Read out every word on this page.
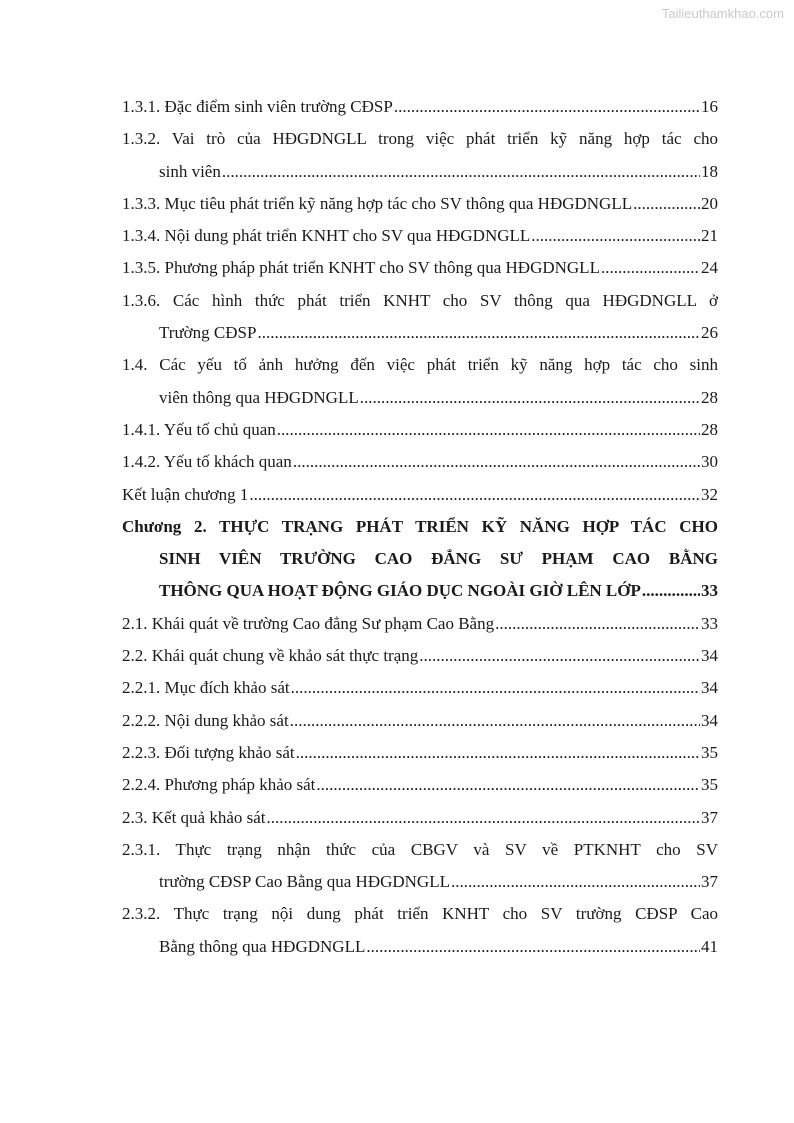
Tailieuthamkhao.com
1.3.1. Đặc điểm sinh viên trường CĐSP .....	16
1.3.2. Vai trò của HĐGDNGLL trong việc phát triển kỹ năng hợp tác cho
sinh viên .....	18
1.3.3. Mục tiêu phát triển kỹ năng hợp tác cho SV thông qua HĐGDNGLL .....	20
1.3.4. Nội dung phát triển KNHT cho SV qua HĐGDNGLL .....	21
1.3.5. Phương pháp phát triển KNHT cho SV thông qua HĐGDNGLL .....	24
1.3.6. Các hình thức phát triển KNHT cho SV thông qua HĐGDNGLL ở
Trường CĐSP .....	26
1.4. Các yếu tố ảnh hưởng đến việc phát triển kỹ năng hợp tác cho sinh
viên thông qua HĐGDNGLL .....	28
1.4.1. Yếu tố chủ quan .....	28
1.4.2. Yếu tố khách quan .....	30
Kết luận chương 1 .....	32
Chương 2. THỰC TRẠNG PHÁT TRIỂN KỸ NĂNG HỢP TÁC CHO
SINH VIÊN TRƯỜNG CAO ĐẲNG SƯ PHẠM CAO BẰNG
THÔNG QUA HOẠT ĐỘNG GIÁO DỤC NGOÀI GIỜ LÊN LỚP .....	33
2.1. Khái quát về trường Cao đẳng Sư phạm Cao Bằng .....	33
2.2. Khái quát chung về khảo sát thực trạng .....	34
2.2.1. Mục đích khảo sát .....	34
2.2.2. Nội dung khảo sát .....	34
2.2.3. Đối tượng khảo sát .....	35
2.2.4. Phương pháp khảo sát .....	35
2.3. Kết quả khảo sát .....	37
2.3.1. Thực trạng nhận thức của CBGV và SV về PTKNHT cho SV
trường CĐSP Cao Bằng qua HĐGDNGLL .....	37
2.3.2. Thực trạng nội dung phát triển KNHT cho SV trường CĐSP Cao
Bằng thông qua HĐGDNGLL .....	41
